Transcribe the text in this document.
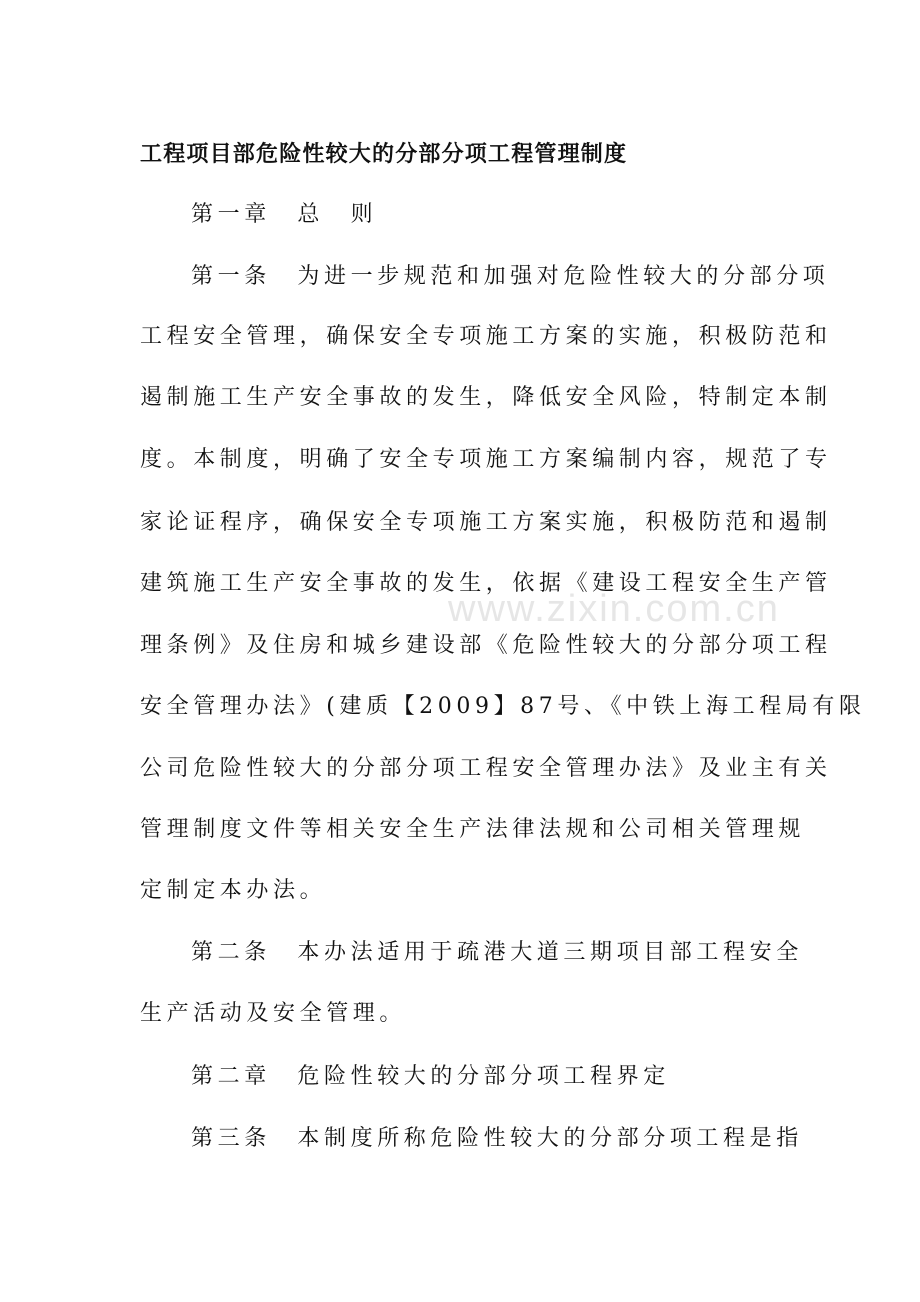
www.zixin.com.cn
工程项目部危险性较大的分部分项工程管理制度
第一章　总　则
第一条　为进一步规范和加强对危险性较大的分部分项
工程安全管理，确保安全专项施工方案的实施，积极防范和
遏制施工生产安全事故的发生，降低安全风险，特制定本制
度。本制度，明确了安全专项施工方案编制内容，规范了专
家论证程序，确保安全专项施工方案实施，积极防范和遏制
建筑施工生产安全事故的发生，依据《建设工程安全生产管
理条例》及住房和城乡建设部《危险性较大的分部分项工程
安全管理办法》(建质【2009】87号、《中铁上海工程局有限
公司危险性较大的分部分项工程安全管理办法》及业主有关
管理制度文件等相关安全生产法律法规和公司相关管理规
定制定本办法。
第二条　本办法适用于疏港大道三期项目部工程安全
生产活动及安全管理。
第二章　危险性较大的分部分项工程界定
第三条　本制度所称危险性较大的分部分项工程是指
